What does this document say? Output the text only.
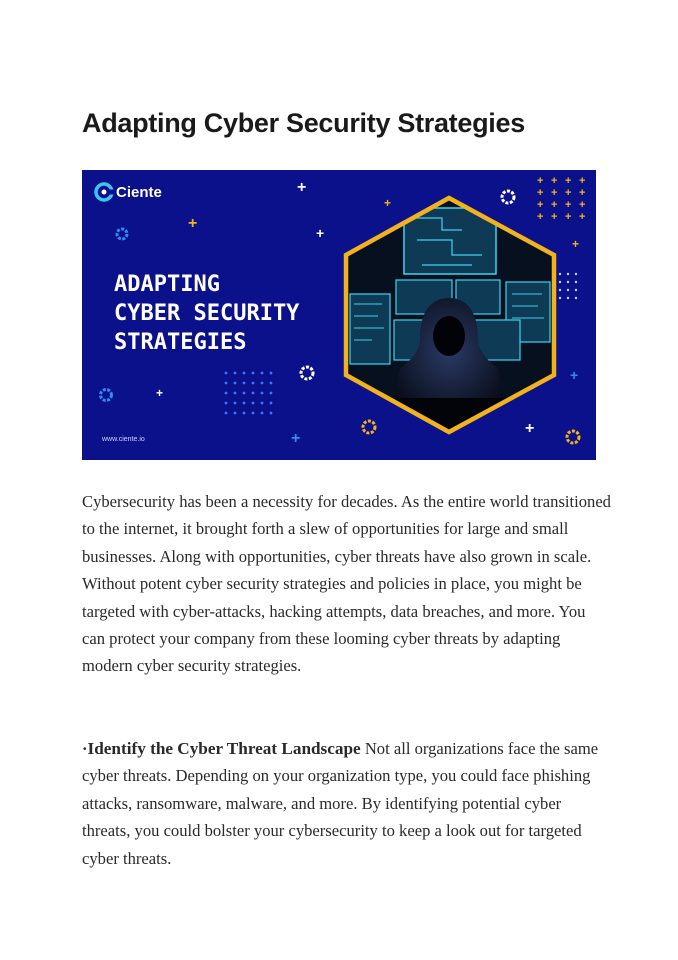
Adapting Cyber Security Strategies
Ciente
ADAPTING
CYBER SECURITY
STRATEGIES
www.ciente.io
+
+
+
+
+
+
+
+
+
+ + + +
+ + + +
+ + + +
+ + + +

Cybersecurity has been a necessity for decades. As the entire world transitioned to the internet, it brought forth a slew of opportunities for large and small businesses. Along with opportunities, cyber threats have also grown in scale. Without potent cyber security strategies and policies in place, you might be targeted with cyber-attacks, hacking attempts, data breaches, and more. You can protect your company from these looming cyber threats by adapting modern cyber security strategies.

·Identify the Cyber Threat Landscape Not all organizations face the same cyber threats. Depending on your organization type, you could face phishing attacks, ransomware, malware, and more. By identifying potential cyber threats, you could bolster your cybersecurity to keep a look out for targeted cyber threats.
